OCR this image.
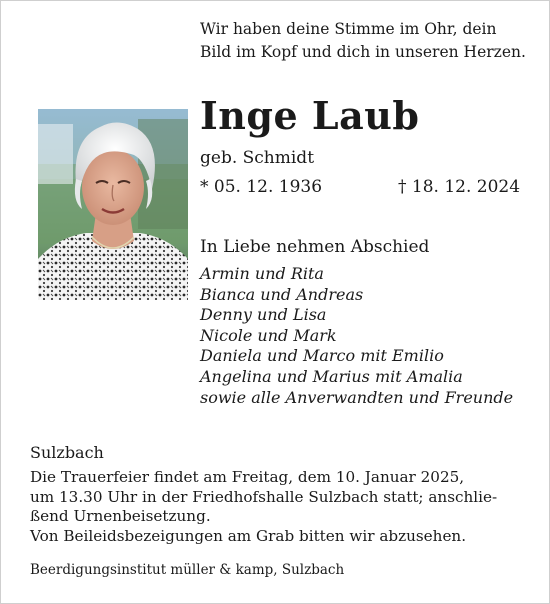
Wir haben deine Stimme im Ohr, dein
Bild im Kopf und dich in unseren Herzen.
Inge Laub
geb. Schmidt
* 05. 12. 1936	† 18. 12. 2024
In Liebe nehmen Abschied
Armin und Rita
Bianca und Andreas
Denny und Lisa
Nicole und Mark
Daniela und Marco mit Emilio
Angelina und Marius mit Amalia
sowie alle Anverwandten und Freunde
Sulzbach
Die Trauerfeier findet am Freitag, dem 10. Januar 2025,
um 13.30 Uhr in der Friedhofshalle Sulzbach statt; anschlie-
ßend Urnenbeisetzung.
Von Beileidsbezeigungen am Grab bitten wir abzusehen.
Beerdigungsinstitut müller & kamp, Sulzbach
